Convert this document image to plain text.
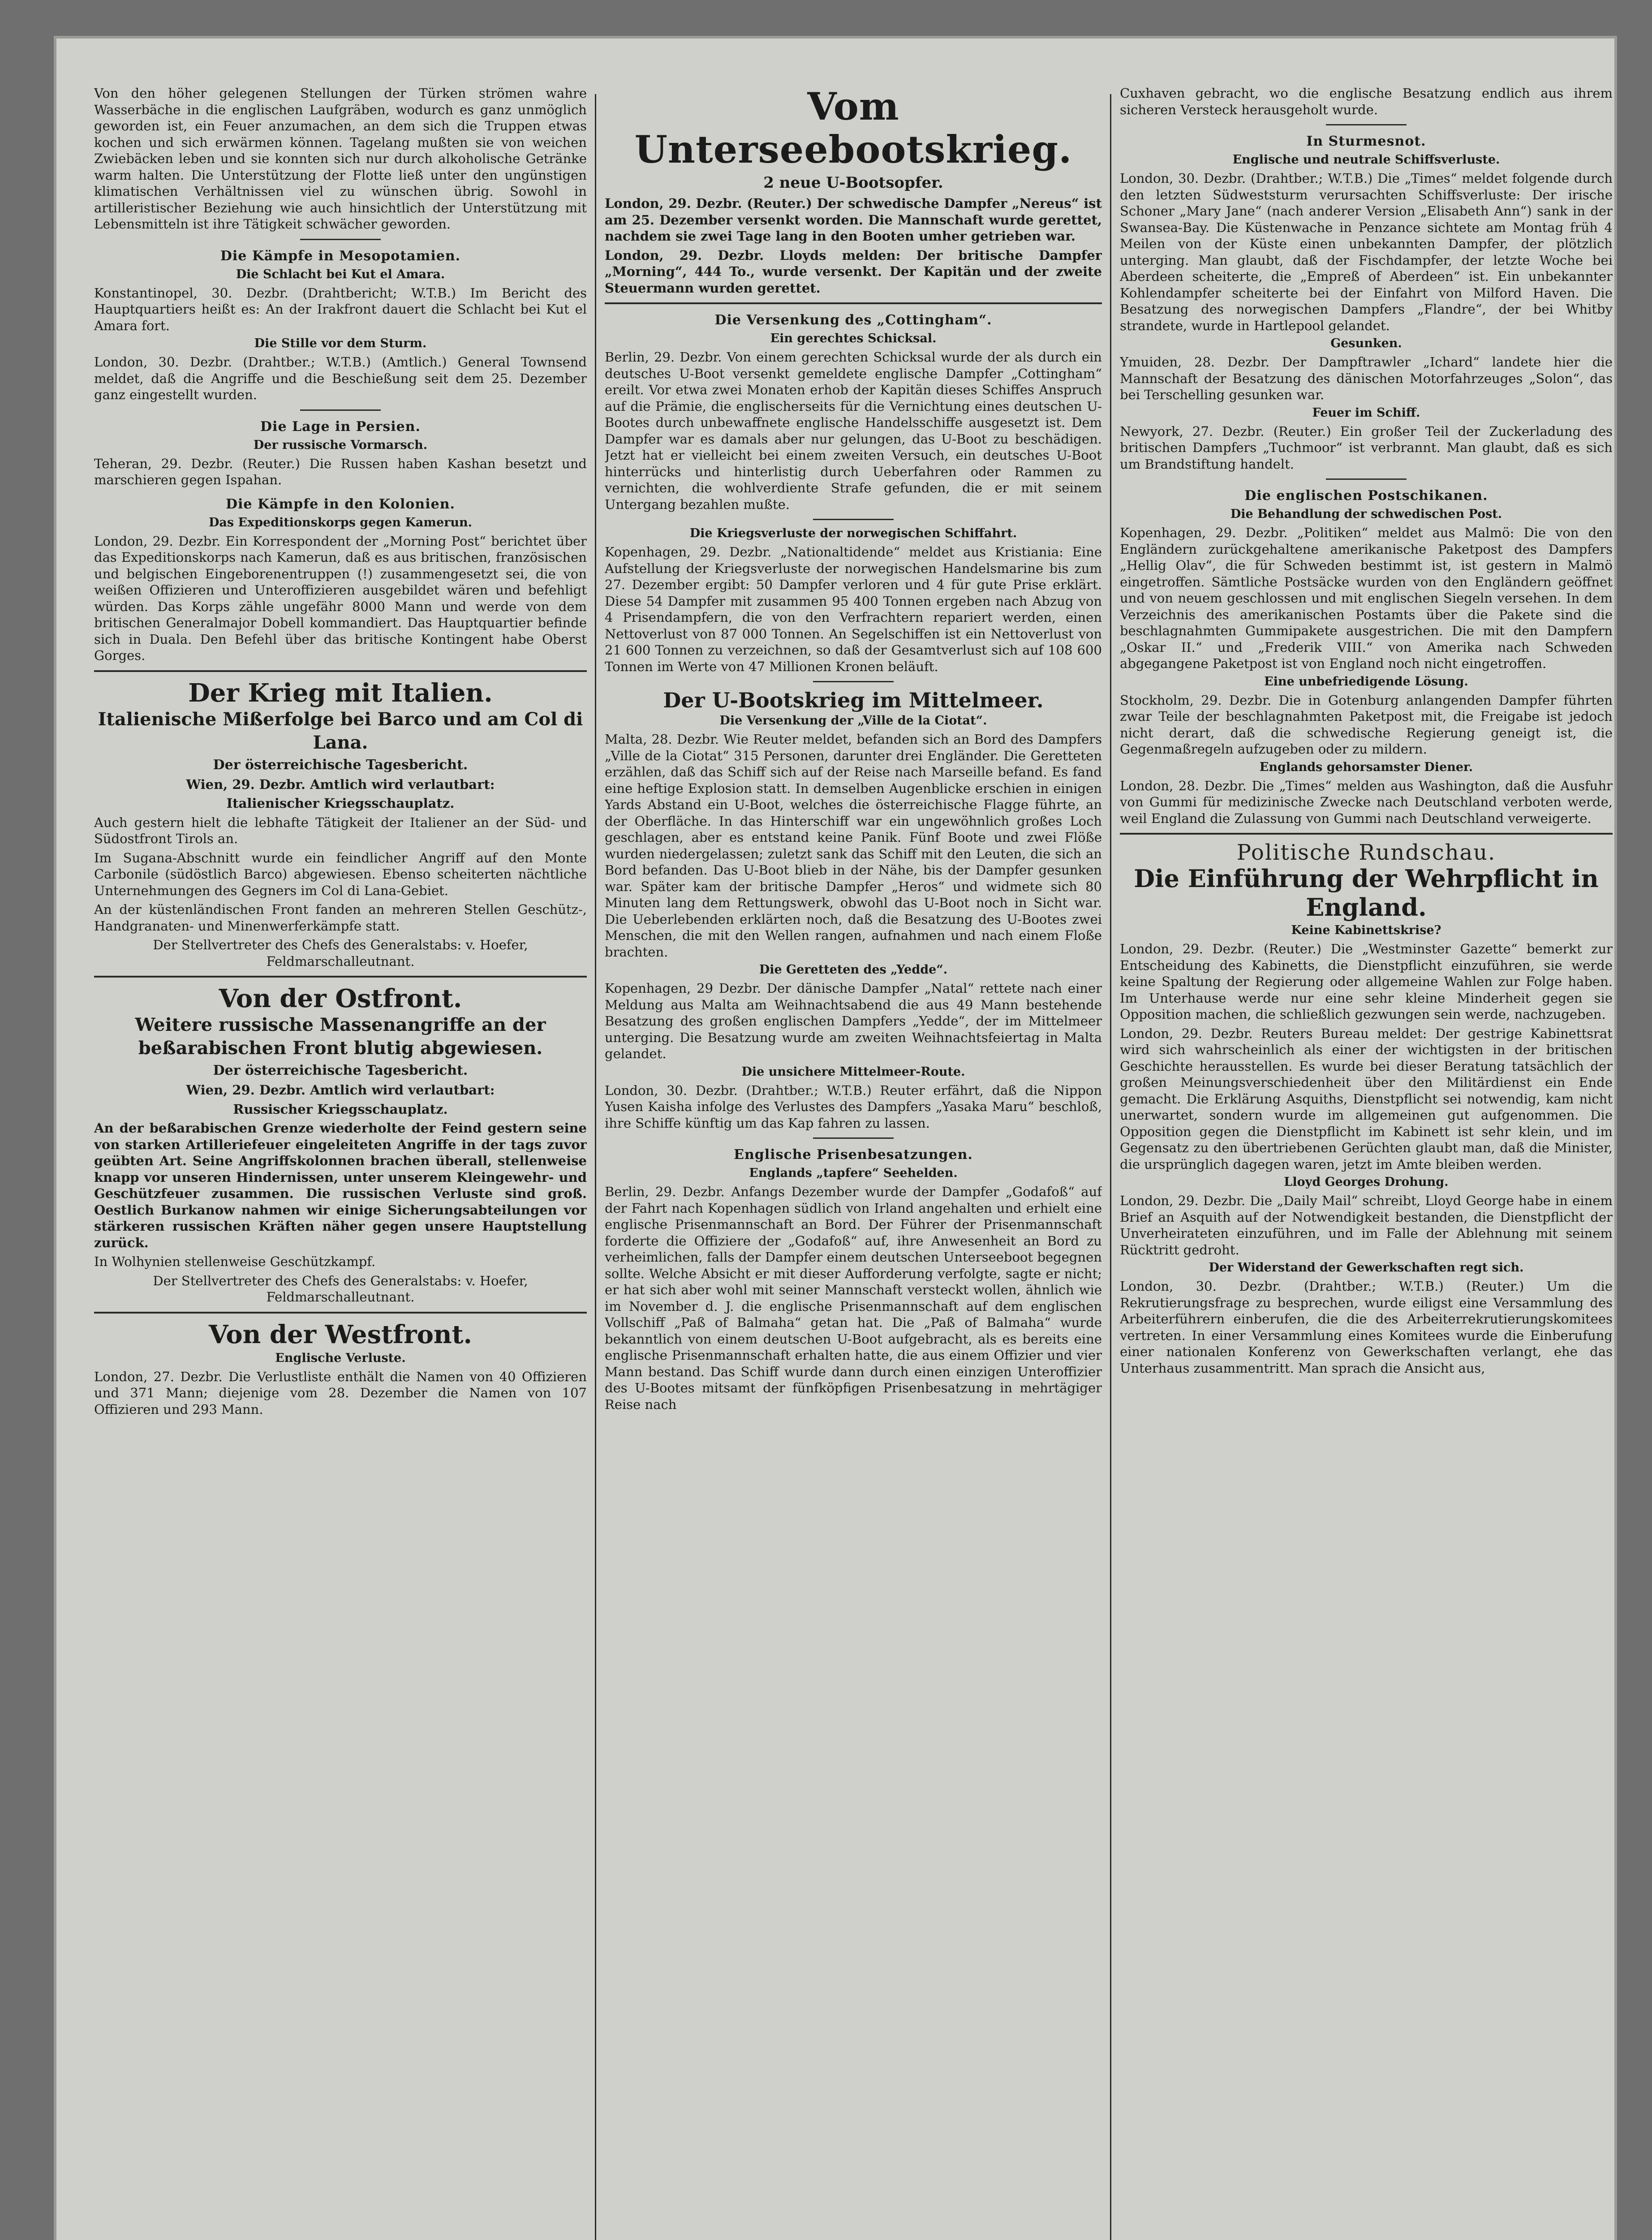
Von den höher gelegenen Stellungen der Türken strömen wahre Wasserbäche in die englischen Laufgräben, wodurch es ganz unmöglich geworden ist, ein Feuer anzumachen, an dem sich die Truppen etwas kochen und sich erwärmen können. Tagelang mußten sie von weichen Zwiebäcken leben und sie konnten sich nur durch alkoholische Getränke warm halten. Die Unterstützung der Flotte ließ unter den ungünstigen klimatischen Verhältnissen viel zu wünschen übrig. Sowohl in artilleristischer Beziehung wie auch hinsichtlich der Unterstützung mit Lebensmitteln ist ihre Tätigkeit schwächer geworden.

Die Kämpfe in Mesopotamien.
Die Schlacht bei Kut el Amara.

Konstantinopel, 30. Dezbr. (Drahtbericht; W.T.B.) Im Bericht des Hauptquartiers heißt es: An der Irakfront dauert die Schlacht bei Kut el Amara fort.

Die Stille vor dem Sturm.

London, 30. Dezbr. (Drahtber.; W.T.B.) (Amtlich.) General Townsend meldet, daß die Angriffe und die Beschießung seit dem 25. Dezember ganz eingestellt wurden.

Die Lage in Persien.
Der russische Vormarsch.

Teheran, 29. Dezbr. (Reuter.) Die Russen haben Kashan besetzt und marschieren gegen Ispahan.

Die Kämpfe in den Kolonien.
Das Expeditionskorps gegen Kamerun.

London, 29. Dezbr. Ein Korrespondent der „Morning Post“ berichtet über das Expeditionskorps nach Kamerun, daß es aus britischen, französischen und belgischen Eingeborenentruppen (!) zusammengesetzt sei, die von weißen Offizieren und Unteroffizieren ausgebildet wären und befehligt würden. Das Korps zähle ungefähr 8000 Mann und werde von dem britischen Generalmajor Dobell kommandiert. Das Hauptquartier befinde sich in Duala. Den Befehl über das britische Kontingent habe Oberst Gorges.

Der Krieg mit Italien.
Italienische Mißerfolge bei Barco und am Col di Lana.
Der österreichische Tagesbericht.

Wien, 29. Dezbr. Amtlich wird verlautbart:

Italienischer Kriegsschauplatz.

Auch gestern hielt die lebhafte Tätigkeit der Italiener an der Süd- und Südostfront Tirols an.

Im Sugana-Abschnitt wurde ein feindlicher Angriff auf den Monte Carbonile (südöstlich Barco) abgewiesen. Ebenso scheiterten nächtliche Unternehmungen des Gegners im Col di Lana-Gebiet.

An der küstenländischen Front fanden an mehreren Stellen Geschütz-, Handgranaten- und Minenwerferkämpfe statt.

Der Stellvertreter des Chefs des Generalstabs: v. Hoefer, Feldmarschalleutnant.

Von der Ostfront.
Weitere russische Massenangriffe an der beßarabischen Front blutig abgewiesen.
Der österreichische Tagesbericht.

Wien, 29. Dezbr. Amtlich wird verlautbart:

Russischer Kriegsschauplatz.

An der beßarabischen Grenze wiederholte der Feind gestern seine von starken Artilleriefeuer eingeleiteten Angriffe in der tags zuvor geübten Art. Seine Angriffskolonnen brachen überall, stellenweise knapp vor unseren Hindernissen, unter unserem Kleingewehr- und Geschützfeuer zusammen. Die russischen Verluste sind groß. Oestlich Burkanow nahmen wir einige Sicherungsabteilungen vor stärkeren russischen Kräften näher gegen unsere Hauptstellung zurück.

In Wolhynien stellenweise Geschützkampf.

Der Stellvertreter des Chefs des Generalstabs: v. Hoefer, Feldmarschalleutnant.

Von der Westfront.
Englische Verluste.

London, 27. Dezbr. Die Verlustliste enthält die Namen von 40 Offizieren und 371 Mann; diejenige vom 28. Dezember die Namen von 107 Offizieren und 293 Mann.

Vom Unterseebootskrieg.
2 neue U-Bootsopfer.

London, 29. Dezbr. (Reuter.) Der schwedische Dampfer „Nereus“ ist am 25. Dezember versenkt worden. Die Mannschaft wurde gerettet, nachdem sie zwei Tage lang in den Booten umher getrieben war.

London, 29. Dezbr. Lloyds melden: Der britische Dampfer „Morning“, 444 To., wurde versenkt. Der Kapitän und der zweite Steuermann wurden gerettet.

Die Versenkung des „Cottingham“.
Ein gerechtes Schicksal.

Berlin, 29. Dezbr. Von einem gerechten Schicksal wurde der als durch ein deutsches U-Boot versenkt gemeldete englische Dampfer „Cottingham“ ereilt. Vor etwa zwei Monaten erhob der Kapitän dieses Schiffes Anspruch auf die Prämie, die englischerseits für die Vernichtung eines deutschen U-Bootes durch unbewaffnete englische Handelsschiffe ausgesetzt ist. Dem Dampfer war es damals aber nur gelungen, das U-Boot zu beschädigen. Jetzt hat er vielleicht bei einem zweiten Versuch, ein deutsches U-Boot hinterrücks und hinterlistig durch Ueberfahren oder Rammen zu vernichten, die wohlverdiente Strafe gefunden, die er mit seinem Untergang bezahlen mußte.

Die Kriegsverluste der norwegischen Schiffahrt.

Kopenhagen, 29. Dezbr. „Nationaltidende“ meldet aus Kristiania: Eine Aufstellung der Kriegsverluste der norwegischen Handelsmarine bis zum 27. Dezember ergibt: 50 Dampfer verloren und 4 für gute Prise erklärt. Diese 54 Dampfer mit zusammen 95 400 Tonnen ergeben nach Abzug von 4 Prisendampfern, die von den Verfrachtern repariert werden, einen Nettoverlust von 87 000 Tonnen. An Segelschiffen ist ein Nettoverlust von 21 600 Tonnen zu verzeichnen, so daß der Gesamtverlust sich auf 108 600 Tonnen im Werte von 47 Millionen Kronen beläuft.

Der U-Bootskrieg im Mittelmeer.
Die Versenkung der „Ville de la Ciotat“.

Malta, 28. Dezbr. Wie Reuter meldet, befanden sich an Bord des Dampfers „Ville de la Ciotat“ 315 Personen, darunter drei Engländer. Die Geretteten erzählen, daß das Schiff sich auf der Reise nach Marseille befand. Es fand eine heftige Explosion statt. In demselben Augenblicke erschien in einigen Yards Abstand ein U-Boot, welches die österreichische Flagge führte, an der Oberfläche. In das Hinterschiff war ein ungewöhnlich großes Loch geschlagen, aber es entstand keine Panik. Fünf Boote und zwei Flöße wurden niedergelassen; zuletzt sank das Schiff mit den Leuten, die sich an Bord befanden. Das U-Boot blieb in der Nähe, bis der Dampfer gesunken war. Später kam der britische Dampfer „Heros“ und widmete sich 80 Minuten lang dem Rettungswerk, obwohl das U-Boot noch in Sicht war. Die Ueberlebenden erklärten noch, daß die Besatzung des U-Bootes zwei Menschen, die mit den Wellen rangen, aufnahmen und nach einem Floße brachten.

Die Geretteten des „Yedde“.

Kopenhagen, 29 Dezbr. Der dänische Dampfer „Natal“ rettete nach einer Meldung aus Malta am Weihnachtsabend die aus 49 Mann bestehende Besatzung des großen englischen Dampfers „Yedde“, der im Mittelmeer unterging. Die Besatzung wurde am zweiten Weihnachtsfeiertag in Malta gelandet.

Die unsichere Mittelmeer-Route.

London, 30. Dezbr. (Drahtber.; W.T.B.) Reuter erfährt, daß die Nippon Yusen Kaisha infolge des Verlustes des Dampfers „Yasaka Maru“ beschloß, ihre Schiffe künftig um das Kap fahren zu lassen.

Englische Prisenbesatzungen.
Englands „tapfere“ Seehelden.

Berlin, 29. Dezbr. Anfangs Dezember wurde der Dampfer „Godafoß“ auf der Fahrt nach Kopenhagen südlich von Irland angehalten und erhielt eine englische Prisenmannschaft an Bord. Der Führer der Prisenmannschaft forderte die Offiziere der „Godafoß“ auf, ihre Anwesenheit an Bord zu verheimlichen, falls der Dampfer einem deutschen Unterseeboot begegnen sollte. Welche Absicht er mit dieser Aufforderung verfolgte, sagte er nicht; er hat sich aber wohl mit seiner Mannschaft versteckt wollen, ähnlich wie im November d. J. die englische Prisenmannschaft auf dem englischen Vollschiff „Paß of Balmaha“ getan hat. Die „Paß of Balmaha“ wurde bekanntlich von einem deutschen U-Boot aufgebracht, als es bereits eine englische Prisenmannschaft erhalten hatte, die aus einem Offizier und vier Mann bestand. Das Schiff wurde dann durch einen einzigen Unteroffizier des U-Bootes mitsamt der fünfköpfigen Prisenbesatzung in mehrtägiger Reise nach

Cuxhaven gebracht, wo die englische Besatzung endlich aus ihrem sicheren Versteck herausgeholt wurde.

In Sturmesnot.
Englische und neutrale Schiffsverluste.

London, 30. Dezbr. (Drahtber.; W.T.B.) Die „Times“ meldet folgende durch den letzten Südweststurm verursachten Schiffsverluste: Der irische Schoner „Mary Jane“ (nach anderer Version „Elisabeth Ann“) sank in der Swansea-Bay. Die Küstenwache in Penzance sichtete am Montag früh 4 Meilen von der Küste einen unbekannten Dampfer, der plötzlich unterging. Man glaubt, daß der Fischdampfer, der letzte Woche bei Aberdeen scheiterte, die „Empreß of Aberdeen“ ist. Ein unbekannter Kohlendampfer scheiterte bei der Einfahrt von Milford Haven. Die Besatzung des norwegischen Dampfers „Flandre“, der bei Whitby strandete, wurde in Hartlepool gelandet.

Gesunken.

Ymuiden, 28. Dezbr. Der Dampftrawler „Ichard“ landete hier die Mannschaft der Besatzung des dänischen Motorfahrzeuges „Solon“, das bei Terschelling gesunken war.

Feuer im Schiff.

Newyork, 27. Dezbr. (Reuter.) Ein großer Teil der Zuckerladung des britischen Dampfers „Tuchmoor“ ist verbrannt. Man glaubt, daß es sich um Brandstiftung handelt.

Die englischen Postschikanen.
Die Behandlung der schwedischen Post.

Kopenhagen, 29. Dezbr. „Politiken“ meldet aus Malmö: Die von den Engländern zurückgehaltene amerikanische Paketpost des Dampfers „Hellig Olav“, die für Schweden bestimmt ist, ist gestern in Malmö eingetroffen. Sämtliche Postsäcke wurden von den Engländern geöffnet und von neuem geschlossen und mit englischen Siegeln versehen. In dem Verzeichnis des amerikanischen Postamts über die Pakete sind die beschlagnahmten Gummipakete ausgestrichen. Die mit den Dampfern „Oskar II.“ und „Frederik VIII.“ von Amerika nach Schweden abgegangene Paketpost ist von England noch nicht eingetroffen.

Eine unbefriedigende Lösung.

Stockholm, 29. Dezbr. Die in Gotenburg anlangenden Dampfer führten zwar Teile der beschlagnahmten Paketpost mit, die Freigabe ist jedoch nicht derart, daß die schwedische Regierung geneigt ist, die Gegenmaßregeln aufzugeben oder zu mildern.

Englands gehorsamster Diener.

London, 28. Dezbr. Die „Times“ melden aus Washington, daß die Ausfuhr von Gummi für medizinische Zwecke nach Deutschland verboten werde, weil England die Zulassung von Gummi nach Deutschland verweigerte.

Politische Rundschau.
Die Einführung der Wehrpflicht in England.
Keine Kabinettskrise?

London, 29. Dezbr. (Reuter.) Die „Westminster Gazette“ bemerkt zur Entscheidung des Kabinetts, die Dienstpflicht einzuführen, sie werde keine Spaltung der Regierung oder allgemeine Wahlen zur Folge haben. Im Unterhause werde nur eine sehr kleine Minderheit gegen sie Opposition machen, die schließlich gezwungen sein werde, nachzugeben.

London, 29. Dezbr. Reuters Bureau meldet: Der gestrige Kabinettsrat wird sich wahrscheinlich als einer der wichtigsten in der britischen Geschichte herausstellen. Es wurde bei dieser Beratung tatsächlich der großen Meinungsverschiedenheit über den Militärdienst ein Ende gemacht. Die Erklärung Asquiths, Dienstpflicht sei notwendig, kam nicht unerwartet, sondern wurde im allgemeinen gut aufgenommen. Die Opposition gegen die Dienstpflicht im Kabinett ist sehr klein, und im Gegensatz zu den übertriebenen Gerüchten glaubt man, daß die Minister, die ursprünglich dagegen waren, jetzt im Amte bleiben werden.

Lloyd Georges Drohung.

London, 29. Dezbr. Die „Daily Mail“ schreibt, Lloyd George habe in einem Brief an Asquith auf der Notwendigkeit bestanden, die Dienstpflicht der Unverheirateten einzuführen, und im Falle der Ablehnung mit seinem Rücktritt gedroht.

Der Widerstand der Gewerkschaften regt sich.

London, 30. Dezbr. (Drahtber.; W.T.B.) (Reuter.) Um die Rekrutierungsfrage zu besprechen, wurde eiligst eine Versammlung des Arbeiterführern einberufen, die die des Arbeiterrekrutierungskomitees vertreten. In einer Versammlung eines Komitees wurde die Einberufung einer nationalen Konferenz von Gewerkschaften verlangt, ehe das Unterhaus zusammentritt. Man sprach die Ansicht aus,
